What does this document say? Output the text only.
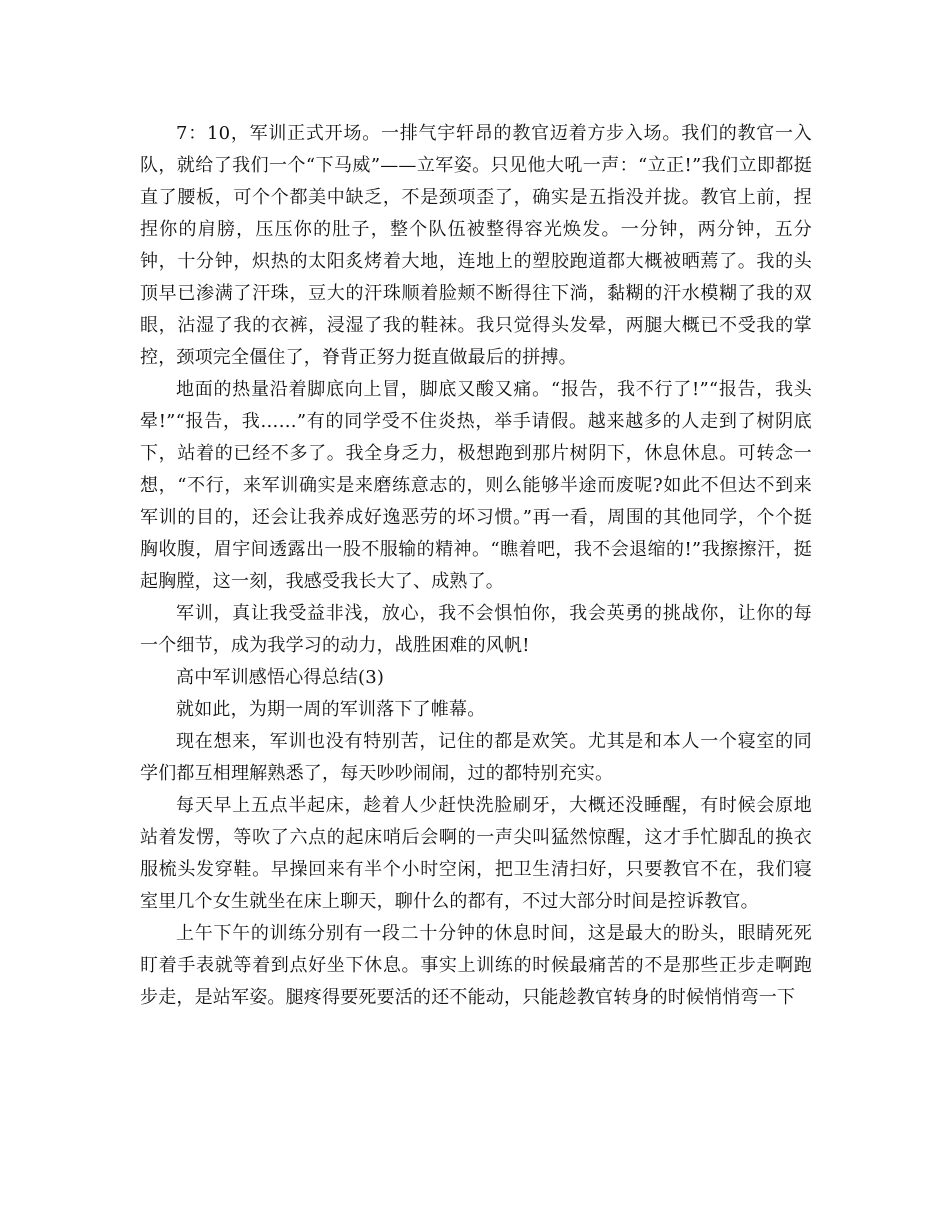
7：10，军训正式开场。一排气宇轩昂的教官迈着方步入场。我们的教官一入队，就给了我们一个“下马威”——立军姿。只见他大吼一声：“立正!”我们立即都挺直了腰板，可个个都美中缺乏，不是颈项歪了，确实是五指没并拢。教官上前，捏捏你的肩膀，压压你的肚子，整个队伍被整得容光焕发。一分钟，两分钟，五分钟，十分钟，炽热的太阳炙烤着大地，连地上的塑胶跑道都大概被晒蔫了。我的头顶早已渗满了汗珠，豆大的汗珠顺着脸颊不断得往下淌，黏糊的汗水模糊了我的双眼，沾湿了我的衣裤，浸湿了我的鞋袜。我只觉得头发晕，两腿大概已不受我的掌控，颈项完全僵住了，脊背正努力挺直做最后的拼搏。

地面的热量沿着脚底向上冒，脚底又酸又痛。“报告，我不行了!”“报告，我头晕!”“报告，我……”有的同学受不住炎热，举手请假。越来越多的人走到了树阴底下，站着的已经不多了。我全身乏力，极想跑到那片树阴下，休息休息。可转念一想，“不行，来军训确实是来磨练意志的，则么能够半途而废呢?如此不但达不到来军训的目的，还会让我养成好逸恶劳的坏习惯。”再一看，周围的其他同学，个个挺胸收腹，眉宇间透露出一股不服输的精神。“瞧着吧，我不会退缩的!”我擦擦汗，挺起胸膛，这一刻，我感受我长大了、成熟了。

军训，真让我受益非浅，放心，我不会惧怕你，我会英勇的挑战你，让你的每一个细节，成为我学习的动力，战胜困难的风帆!

高中军训感悟心得总结(3)

就如此，为期一周的军训落下了帷幕。

现在想来，军训也没有特别苦，记住的都是欢笑。尤其是和本人一个寝室的同学们都互相理解熟悉了，每天吵吵闹闹，过的都特别充实。

每天早上五点半起床，趁着人少赶快洗脸刷牙，大概还没睡醒，有时候会原地站着发愣，等吹了六点的起床哨后会啊的一声尖叫猛然惊醒，这才手忙脚乱的换衣服梳头发穿鞋。早操回来有半个小时空闲，把卫生清扫好，只要教官不在，我们寝室里几个女生就坐在床上聊天，聊什么的都有，不过大部分时间是控诉教官。

上午下午的训练分别有一段二十分钟的休息时间，这是最大的盼头，眼睛死死盯着手表就等着到点好坐下休息。事实上训练的时候最痛苦的不是那些正步走啊跑步走，是站军姿。腿疼得要死要活的还不能动，只能趁教官转身的时候悄悄弯一下
